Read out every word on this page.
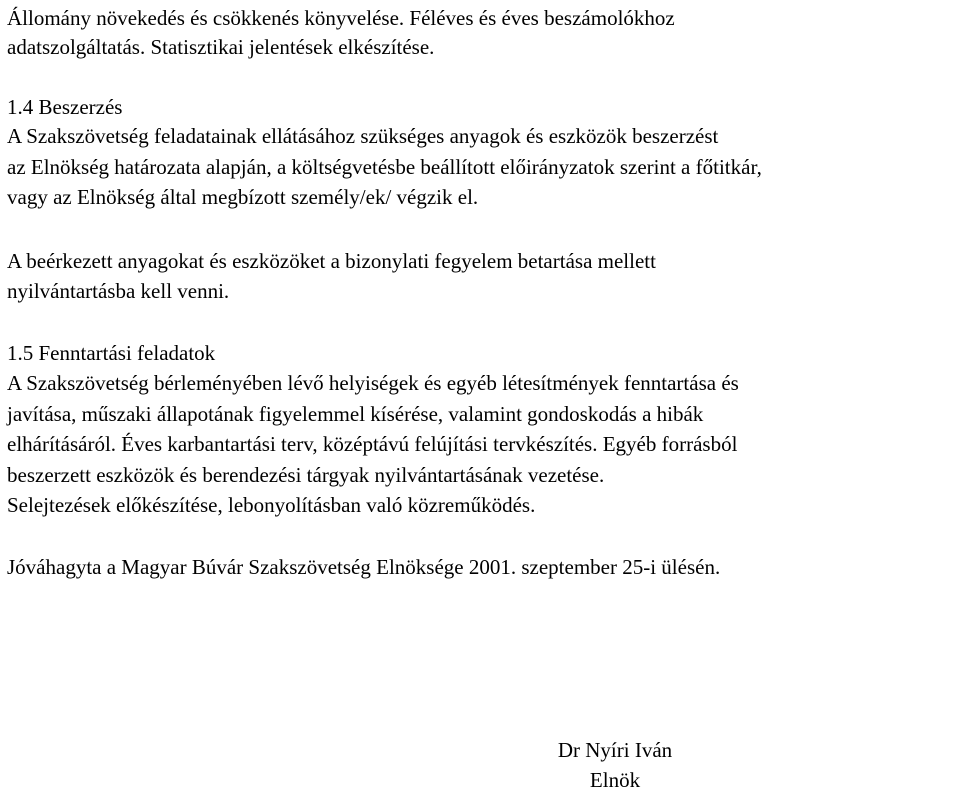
Állomány növekedés és csökkenés könyvelése. Féléves és éves beszámolókhoz
adatszolgáltatás. Statisztikai jelentések elkészítése.
1.4 Beszerzés
A Szakszövetség feladatainak ellátásához szükséges anyagok és eszközök beszerzést
az Elnökség határozata alapján, a költségvetésbe beállított előirányzatok szerint a főtitkár,
vagy az Elnökség által megbízott személy/ek/ végzik el.
A beérkezett anyagokat és eszközöket a bizonylati fegyelem betartása mellett
nyilvántartásba kell venni.
1.5 Fenntartási feladatok
A Szakszövetség bérleményében lévő helyiségek és egyéb létesítmények fenntartása és
javítása, műszaki állapotának figyelemmel kísérése, valamint gondoskodás a hibák
elhárításáról. Éves karbantartási terv, középtávú felújítási tervkészítés. Egyéb forrásból
beszerzett eszközök és berendezési tárgyak nyilvántartásának vezetése.
Selejtezések előkészítése, lebonyolításban való közreműködés.
Jóváhagyta a Magyar Búvár Szakszövetség Elnöksége 2001. szeptember 25-i ülésén.
Dr Nyíri Iván
Elnök
